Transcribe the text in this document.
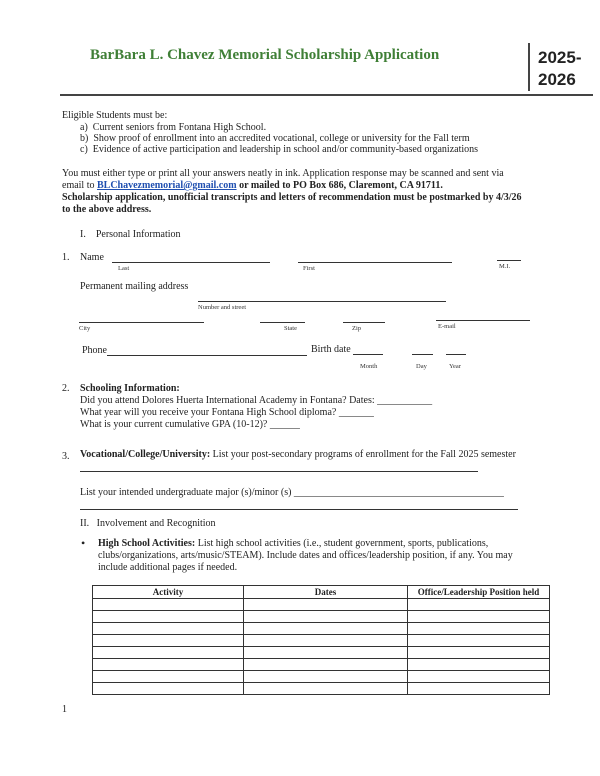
BarBara L. Chavez Memorial Scholarship Application	2025-
2026
Eligible Students must be:
a)  Current seniors from Fontana High School.
b)  Show proof of enrollment into an accredited vocational, college or university for the Fall term
c)  Evidence of active participation and leadership in school and/or community-based organizations
You must either type or print all your answers neatly in ink. Application response may be scanned and sent via
email to BLChavezmemorial@gmail.com or mailed to PO Box 686, Claremont, CA 91711.
Scholarship application, unofficial transcripts and letters of recommendation must be postmarked by 4/3/26
to the above address.
I.    Personal Information
1. Name
Last	First	M.I.
Permanent mailing address
Number and street
City	State	Zip	E-mail
Phone	Birth date
Month	Day	Year
2. Schooling Information:
Did you attend Dolores Huerta International Academy in Fontana? Dates: ___________
What year will you receive your Fontana High School diploma? _______
What is your current cumulative GPA (10-12)? ______
3. Vocational/College/University: List your post-secondary programs of enrollment for the Fall 2025 semester
List your intended undergraduate major (s)/minor (s) __________________________________________
II.   Involvement and Recognition
• High School Activities: List high school activities (i.e., student government, sports, publications,
clubs/organizations, arts/music/STEAM). Include dates and offices/leadership position, if any. You may
include additional pages if needed.
Activity	Dates	Office/Leadership Position held

1
